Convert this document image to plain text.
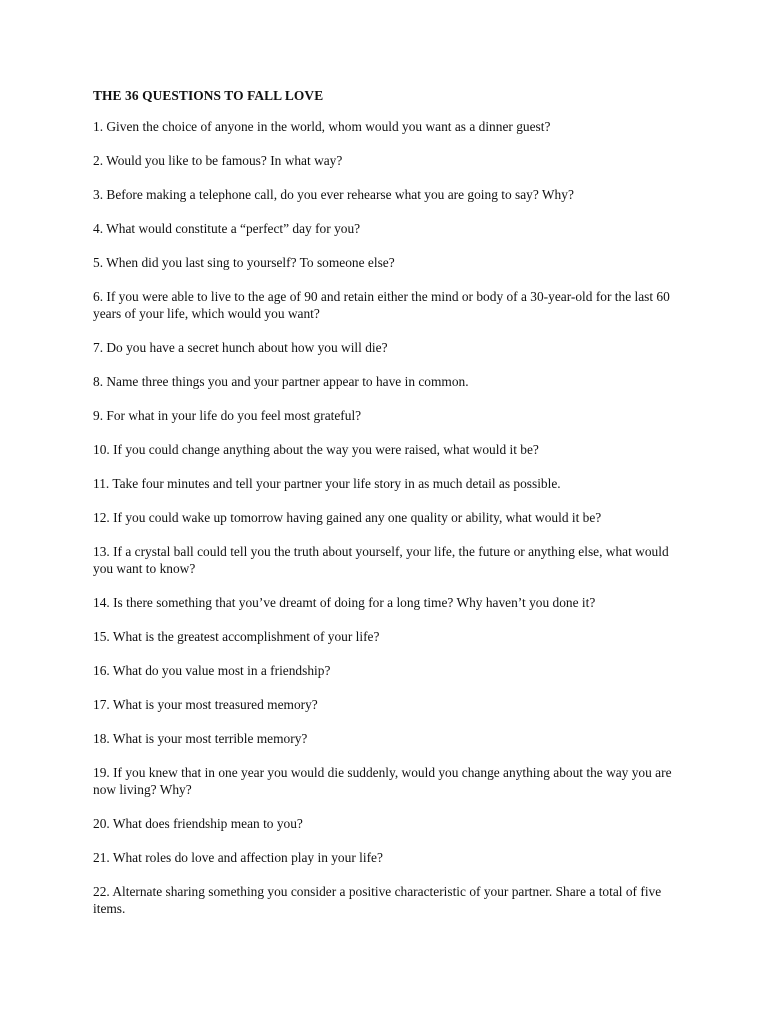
THE 36 QUESTIONS TO FALL LOVE
1. Given the choice of anyone in the world, whom would you want as a dinner guest?
2. Would you like to be famous? In what way?
3. Before making a telephone call, do you ever rehearse what you are going to say? Why?
4. What would constitute a “perfect” day for you?
5. When did you last sing to yourself? To someone else?
6. If you were able to live to the age of 90 and retain either the mind or body of a 30-year-old for the last 60 years of your life, which would you want?
7. Do you have a secret hunch about how you will die?
8. Name three things you and your partner appear to have in common.
9. For what in your life do you feel most grateful?
10. If you could change anything about the way you were raised, what would it be?
11. Take four minutes and tell your partner your life story in as much detail as possible.
12. If you could wake up tomorrow having gained any one quality or ability, what would it be?
13. If a crystal ball could tell you the truth about yourself, your life, the future or anything else, what would you want to know?
14. Is there something that you’ve dreamt of doing for a long time? Why haven’t you done it?
15. What is the greatest accomplishment of your life?
16. What do you value most in a friendship?
17. What is your most treasured memory?
18. What is your most terrible memory?
19. If you knew that in one year you would die suddenly, would you change anything about the way you are now living? Why?
20. What does friendship mean to you?
21. What roles do love and affection play in your life?
22. Alternate sharing something you consider a positive characteristic of your partner. Share a total of five items.
